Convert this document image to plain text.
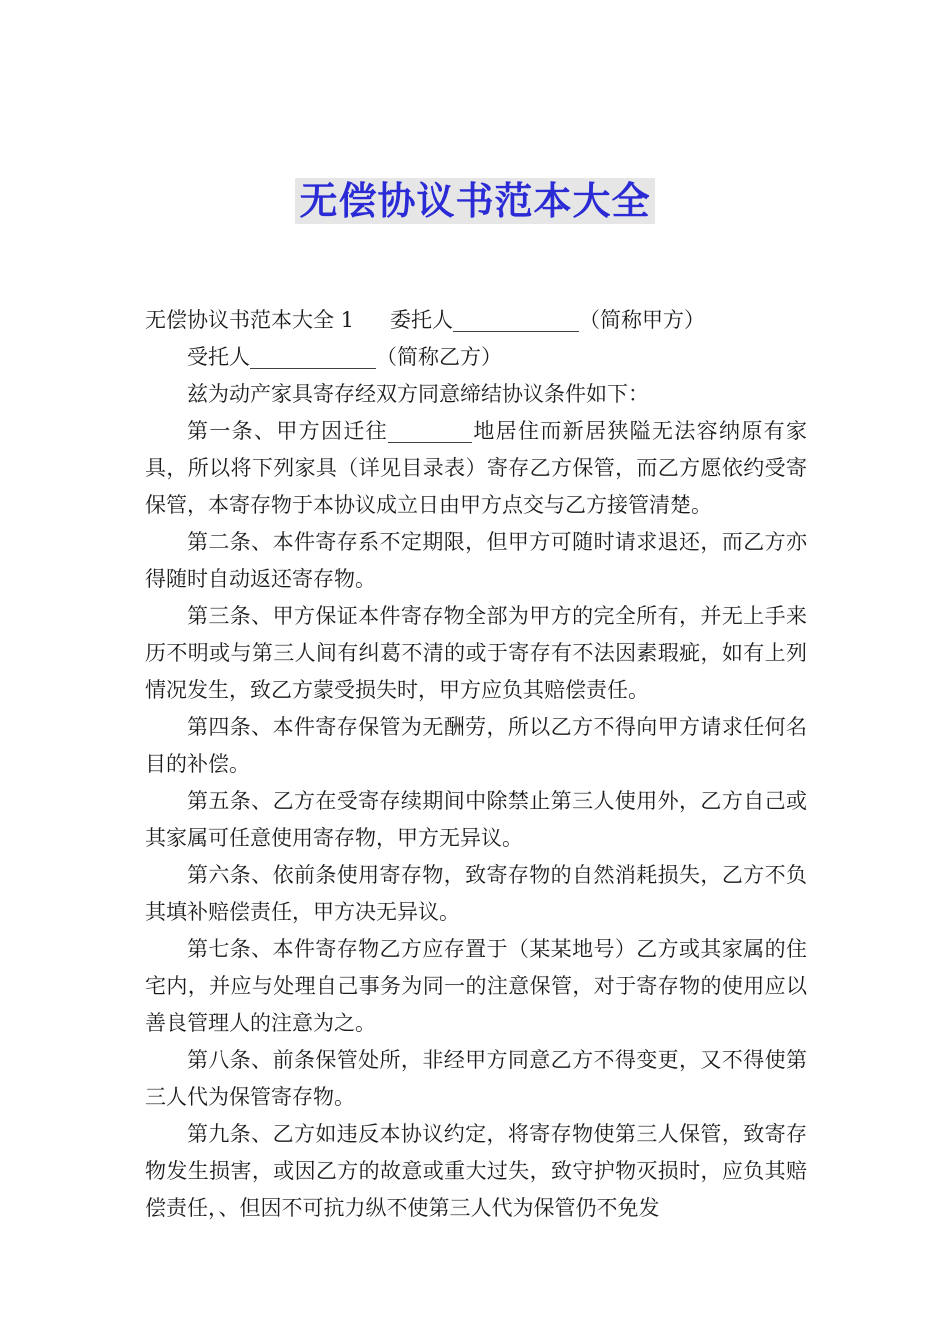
无偿协议书范本大全

无偿协议书范本大全 1 委托人____________（简称甲方）

受托人____________（简称乙方）

兹为动产家具寄存经双方同意缔结协议条件如下：

第一条、甲方因迁往________地居住而新居狭隘无法容纳原有家具，所以将下列家具（详见目录表）寄存乙方保管，而乙方愿依约受寄保管，本寄存物于本协议成立日由甲方点交与乙方接管清楚。

第二条、本件寄存系不定期限，但甲方可随时请求退还，而乙方亦得随时自动返还寄存物。

第三条、甲方保证本件寄存物全部为甲方的完全所有，并无上手来历不明或与第三人间有纠葛不清的或于寄存有不法因素瑕疵，如有上列情况发生，致乙方蒙受损失时，甲方应负其赔偿责任。

第四条、本件寄存保管为无酬劳，所以乙方不得向甲方请求任何名目的补偿。

第五条、乙方在受寄存续期间中除禁止第三人使用外，乙方自己或其家属可任意使用寄存物，甲方无异议。

第六条、依前条使用寄存物，致寄存物的自然消耗损失，乙方不负其填补赔偿责任，甲方决无异议。

第七条、本件寄存物乙方应存置于（某某地号）乙方或其家属的住宅内，并应与处理自己事务为同一的注意保管，对于寄存物的使用应以善良管理人的注意为之。

第八条、前条保管处所，非经甲方同意乙方不得变更，又不得使第三人代为保管寄存物。

第九条、乙方如违反本协议约定，将寄存物使第三人保管，致寄存物发生损害，或因乙方的故意或重大过失，致守护物灭损时，应负其赔偿责任，、但因不可抗力纵不使第三人代为保管仍不免发
